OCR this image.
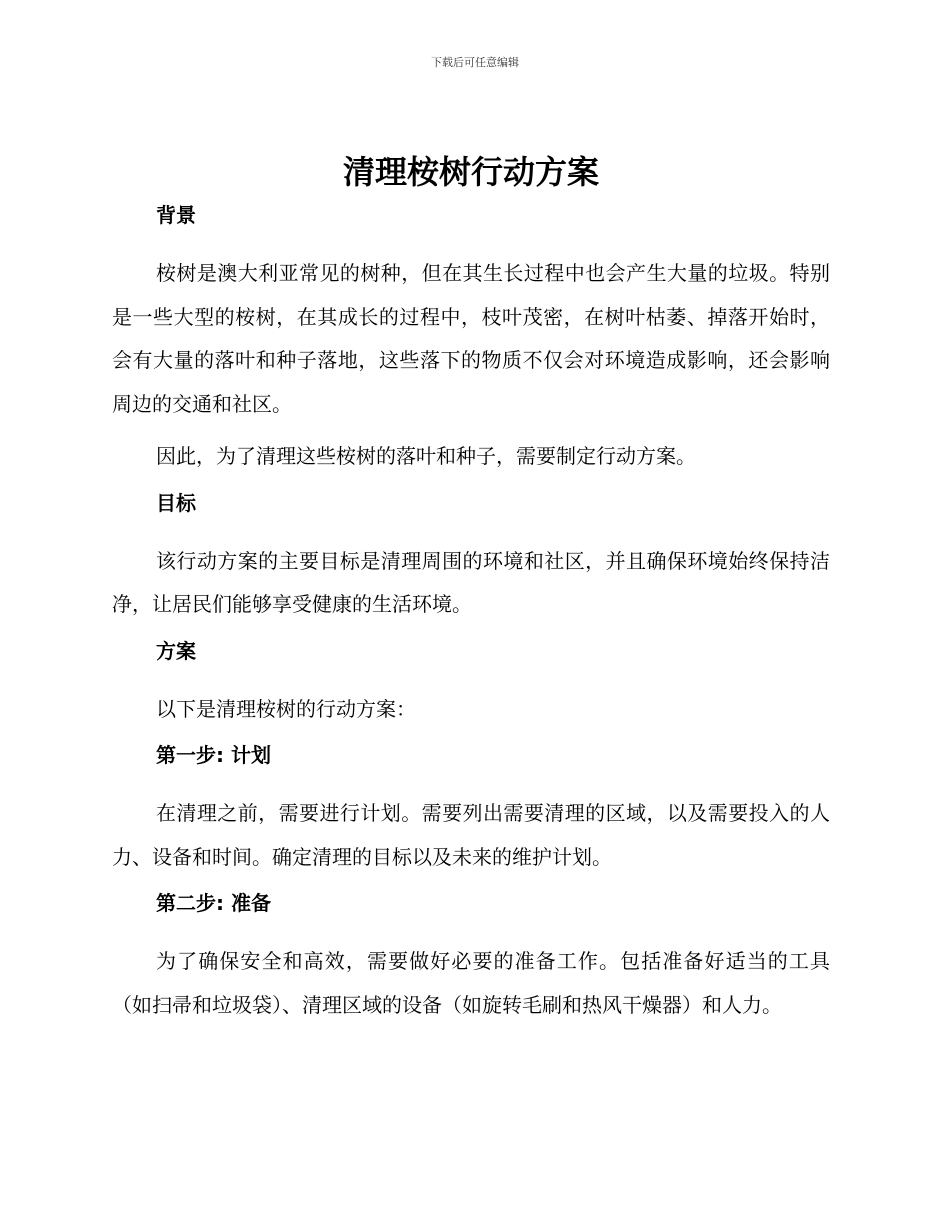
下载后可任意编辑
清理桉树行动方案
背景

桉树是澳大利亚常见的树种，但在其生长过程中也会产生大量的垃圾。特别是一些大型的桉树，在其成长的过程中，枝叶茂密，在树叶枯萎、掉落开始时，会有大量的落叶和种子落地，这些落下的物质不仅会对环境造成影响，还会影响周边的交通和社区。

因此，为了清理这些桉树的落叶和种子，需要制定行动方案。

目标

该行动方案的主要目标是清理周围的环境和社区，并且确保环境始终保持洁净，让居民们能够享受健康的生活环境。

方案

以下是清理桉树的行动方案：

第一步: 计划

在清理之前，需要进行计划。需要列出需要清理的区域，以及需要投入的人力、设备和时间。确定清理的目标以及未来的维护计划。

第二步: 准备

为了确保安全和高效，需要做好必要的准备工作。包括准备好适当的工具（如扫帚和垃圾袋）、清理区域的设备（如旋转毛刷和热风干燥器）和人力。
